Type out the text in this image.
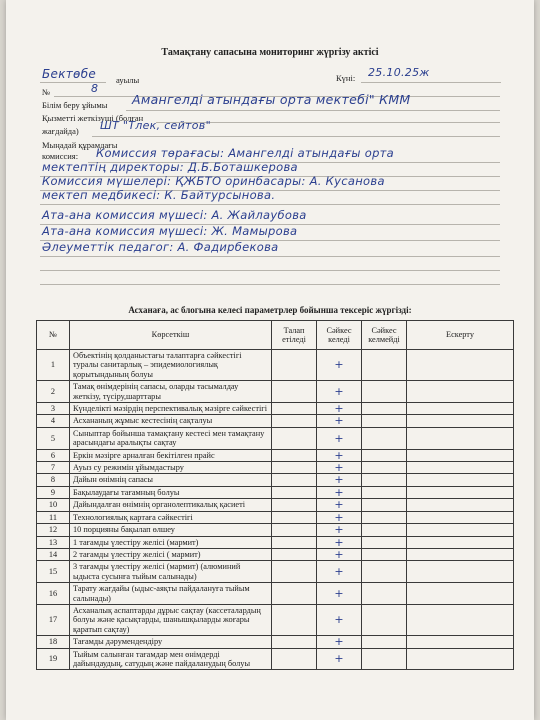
Тамақтану сапасына мониторинг жүргізу актісі
Бектөбе ауылы	Күні: 25.10.25ж
№	8
Білім беру ұйымы Амангелді атындағы орта мектебі" КММ
Қызметті жеткізуші (болған
жағдайда) ШТ "Тлек, сейтов"
Мыңадай құрамдағы
комиссия: Комиссия төрағасы: Амангелді атындағы орта
мектептің директоры: Д.Б.Боташкерова
Комиссия мүшелері: ҚЖБТО оринбасары: А. Кусанова
мектеп медбикесі: К. Байтурсынова.
Ата-ана комиссия мүшесі: А. Жайлаубова
Ата-ана комиссия мүшесі: Ж. Мамырова
Әлеуметтік педагог: А. Фадирбекова
Асханаға, ас блогына келесі параметрлер бойынша тексеріс жүргізді:
№	Көрсеткіш	Талап етіледі	Сәйкес келеді	Сәйкес келмейді	Ескерту
1	Объектінің қолданыстағы талаптарға сәйкестігі туралы санитарлық – эпидемиологиялық қорытындының болуы		+		
2	Тамақ өнімдерінің сапасы, оларды тасымалдау жеткізу, түсіру,шарттары		+		
3	Күнделікті мәзірдің перспективалық мәзірге сәйкестігі		+		
4	Асхананың жұмыс кестесінің сақталуы		+		
5	Сыныптар бойынша тамақтану кестесі мен тамақтану арасындағы аралықты сақтау		+		
6	Еркін мәзірге арналған бекітілген прайс		+		
7	Ауыз су режимін ұйымдастыру		+		
8	Дайын өнімнің сапасы		+		
9	Бақылаудағы тағамның болуы		+		
10	Дайындалған өнімнің органолептикалық қасиеті		+		
11	Технологиялық картаға сәйкестігі		+		
12	10 порцияны бақылап өлшеу		+		
13	1 тағамды үлестіру желісі (мармит)		+		
14	2 тағамды үлестіру желісі ( мармит)		+		
15	3 тағамды үлестіру желісі (мармит) (алюминий ыдыста сусынға тыйым салынады)		+		
16	Тарату жағдайы (ыдыс-аяқты пайдалануға тыйым салынады)		+		
17	Асханалық аспаптарды дұрыс сақтау (кассеталардың болуы және қасықтарды, шанышқыларды жоғары қаратып сақтау)		+		
18	Тағамды дәрумендендіру		+		
19	Тыйым салынған тағамдар мен өнімдерді дайындаудың, сатудың және пайдаланудың болуы		+		
